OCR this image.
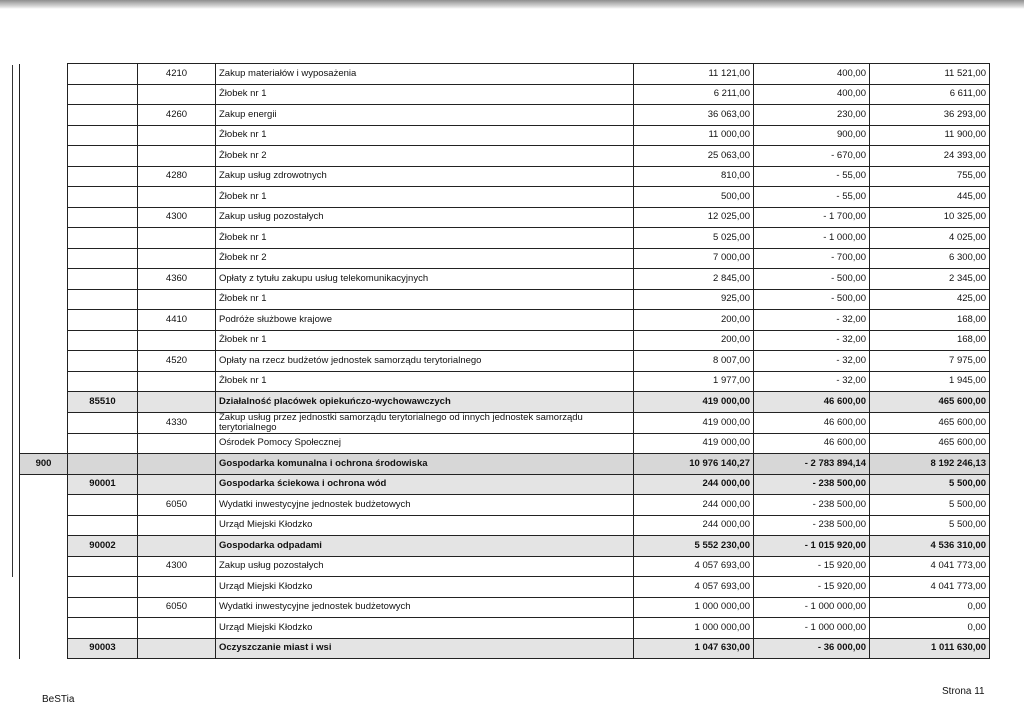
		4210	Zakup materiałów i wyposażenia	11 121,00	400,00	11 521,00
			Żłobek nr 1	6 211,00	400,00	6 611,00
		4260	Zakup energii	36 063,00	230,00	36 293,00
			Żłobek nr 1	11 000,00	900,00	11 900,00
			Żłobek nr 2	25 063,00	- 670,00	24 393,00
		4280	Zakup usług zdrowotnych	810,00	- 55,00	755,00
			Żłobek nr 1	500,00	- 55,00	445,00
		4300	Zakup usług pozostałych	12 025,00	- 1 700,00	10 325,00
			Żłobek nr 1	5 025,00	- 1 000,00	4 025,00
			Żłobek nr 2	7 000,00	- 700,00	6 300,00
		4360	Opłaty z tytułu zakupu usług telekomunikacyjnych	2 845,00	- 500,00	2 345,00
			Żłobek nr 1	925,00	- 500,00	425,00
		4410	Podróże służbowe krajowe	200,00	- 32,00	168,00
			Żłobek nr 1	200,00	- 32,00	168,00
		4520	Opłaty na rzecz budżetów jednostek samorządu terytorialnego	8 007,00	- 32,00	7 975,00
			Żłobek nr 1	1 977,00	- 32,00	1 945,00
	85510		Działalność placówek opiekuńczo-wychowawczych	419 000,00	46 600,00	465 600,00
		4330	Zakup usług przez jednostki samorządu terytorialnego od innych jednostek samorządu terytorialnego	419 000,00	46 600,00	465 600,00
			Ośrodek Pomocy Społecznej	419 000,00	46 600,00	465 600,00
900			Gospodarka komunalna i ochrona środowiska	10 976 140,27	- 2 783 894,14	8 192 246,13
	90001		Gospodarka ściekowa i ochrona wód	244 000,00	- 238 500,00	5 500,00
		6050	Wydatki inwestycyjne jednostek budżetowych	244 000,00	- 238 500,00	5 500,00
			Urząd Miejski Kłodzko	244 000,00	- 238 500,00	5 500,00
	90002		Gospodarka odpadami	5 552 230,00	- 1 015 920,00	4 536 310,00
		4300	Zakup usług pozostałych	4 057 693,00	- 15 920,00	4 041 773,00
			Urząd Miejski Kłodzko	4 057 693,00	- 15 920,00	4 041 773,00
		6050	Wydatki inwestycyjne jednostek budżetowych	1 000 000,00	- 1 000 000,00	0,00
			Urząd Miejski Kłodzko	1 000 000,00	- 1 000 000,00	0,00
	90003		Oczyszczanie miast i wsi	1 047 630,00	- 36 000,00	1 011 630,00
BeSTia
Strona 11
